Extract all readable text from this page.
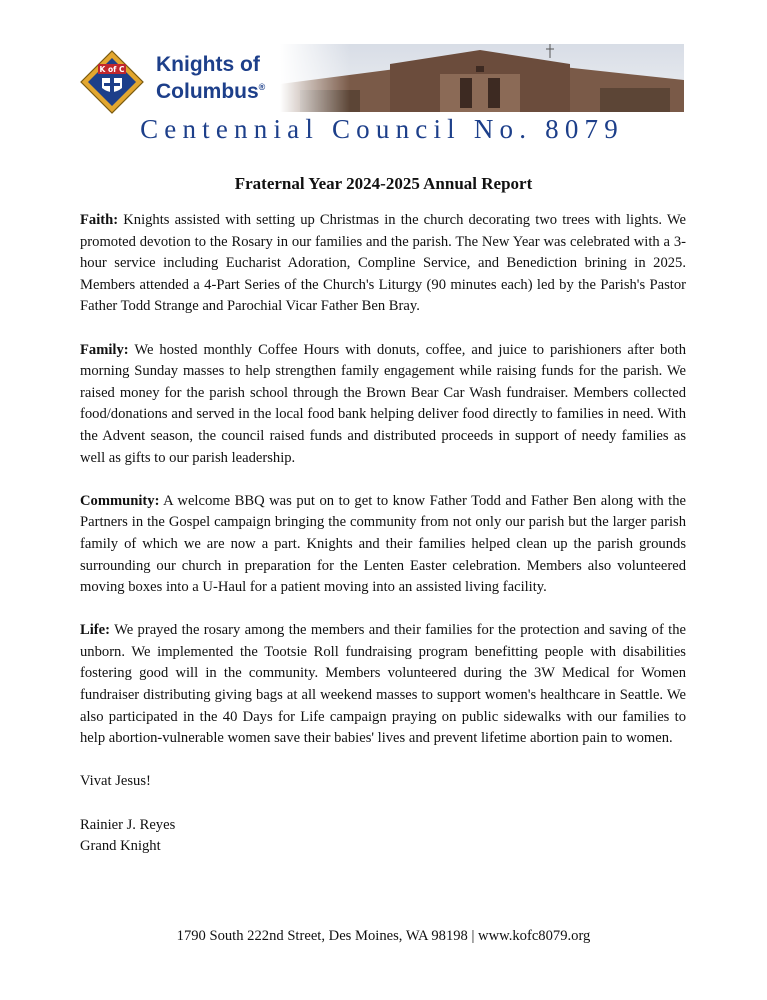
K of C Knights of
Columbus®
Centennial Council No. 8079
Fraternal Year 2024-2025 Annual Report

Faith: Knights assisted with setting up Christmas in the church decorating two trees with lights. We promoted devotion to the Rosary in our families and the parish. The New Year was celebrated with a 3-hour service including Eucharist Adoration, Compline Service, and Benediction brining in 2025. Members attended a 4-Part Series of the Church's Liturgy (90 minutes each) led by the Parish's Pastor Father Todd Strange and Parochial Vicar Father Ben Bray.

Family: We hosted monthly Coffee Hours with donuts, coffee, and juice to parishioners after both morning Sunday masses to help strengthen family engagement while raising funds for the parish. We raised money for the parish school through the Brown Bear Car Wash fundraiser. Members collected food/donations and served in the local food bank helping deliver food directly to families in need. With the Advent season, the council raised funds and distributed proceeds in support of needy families as well as gifts to our parish leadership.

Community: A welcome BBQ was put on to get to know Father Todd and Father Ben along with the Partners in the Gospel campaign bringing the community from not only our parish but the larger parish family of which we are now a part. Knights and their families helped clean up the parish grounds surrounding our church in preparation for the Lenten Easter celebration. Members also volunteered moving boxes into a U-Haul for a patient moving into an assisted living facility.

Life: We prayed the rosary among the members and their families for the protection and saving of the unborn. We implemented the Tootsie Roll fundraising program benefitting people with disabilities fostering good will in the community. Members volunteered during the 3W Medical for Women fundraiser distributing giving bags at all weekend masses to support women's healthcare in Seattle. We also participated in the 40 Days for Life campaign praying on public sidewalks with our families to help abortion-vulnerable women save their babies' lives and prevent lifetime abortion pain to women.

Vivat Jesus!

Rainier J. Reyes

Grand Knight

1790 South 222nd Street, Des Moines, WA 98198 | www.kofc8079.org
